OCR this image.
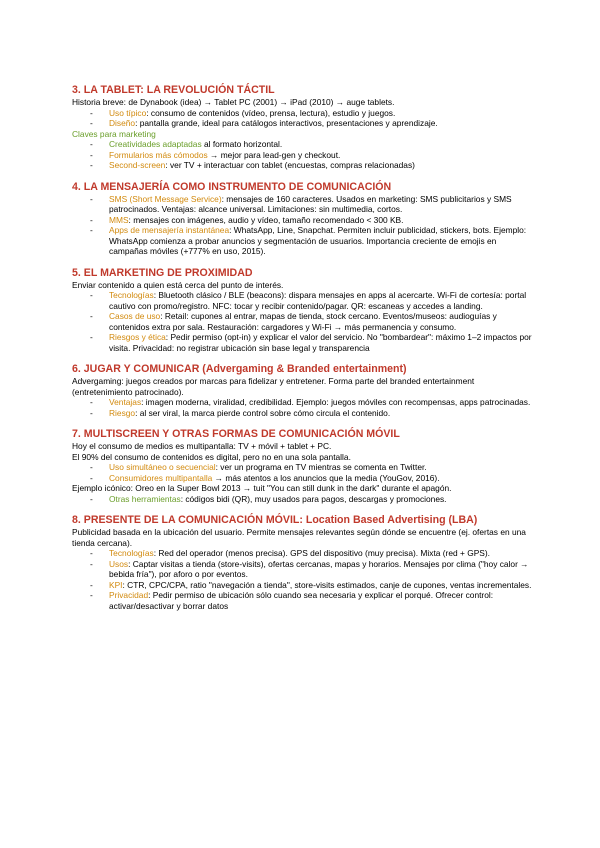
3. LA TABLET: LA REVOLUCIÓN TÁCTIL
Historia breve: de Dynabook (idea) → Tablet PC (2001) → iPad (2010) → auge tablets.
- Uso típico: consumo de contenidos (vídeo, prensa, lectura), estudio y juegos.
- Diseño: pantalla grande, ideal para catálogos interactivos, presentaciones y aprendizaje.
Claves para marketing
- Creatividades adaptadas al formato horizontal.
- Formularios más cómodos → mejor para lead-gen y checkout.
- Second-screen: ver TV + interactuar con tablet (encuestas, compras relacionadas)
4. LA MENSAJERÍA COMO INSTRUMENTO DE COMUNICACIÓN
- SMS (Short Message Service): mensajes de 160 caracteres. Usados en marketing: SMS publicitarios y SMS patrocinados. Ventajas: alcance universal. Limitaciones: sin multimedia, cortos.
- MMS: mensajes con imágenes, audio y vídeo, tamaño recomendado < 300 KB.
- Apps de mensajería instantánea: WhatsApp, Line, Snapchat. Permiten incluir publicidad, stickers, bots. Ejemplo: WhatsApp comienza a probar anuncios y segmentación de usuarios. Importancia creciente de emojis en campañas móviles (+777% en uso, 2015).
5. EL MARKETING DE PROXIMIDAD
Enviar contenido a quien está cerca del punto de interés.
- Tecnologías: Bluetooth clásico / BLE (beacons): dispara mensajes en apps al acercarte. Wi-Fi de cortesía: portal cautivo con promo/registro. NFC: tocar y recibir contenido/pagar. QR: escaneas y accedes a landing.
- Casos de uso: Retail: cupones al entrar, mapas de tienda, stock cercano. Eventos/museos: audioguías y contenidos extra por sala. Restauración: cargadores y Wi-Fi → más permanencia y consumo.
- Riesgos y ética: Pedir permiso (opt-in) y explicar el valor del servicio. No "bombardear": máximo 1–2 impactos por visita. Privacidad: no registrar ubicación sin base legal y transparencia
6. JUGAR Y COMUNICAR (Advergaming & Branded entertainment)
Advergaming: juegos creados por marcas para fidelizar y entretener. Forma parte del branded entertainment (entretenimiento patrocinado).
- Ventajas: imagen moderna, viralidad, credibilidad. Ejemplo: juegos móviles con recompensas, apps patrocinadas.
- Riesgo: al ser viral, la marca pierde control sobre cómo circula el contenido.
7. MULTISCREEN Y OTRAS FORMAS DE COMUNICACIÓN MÓVIL
Hoy el consumo de medios es multipantalla: TV + móvil + tablet + PC.
El 90% del consumo de contenidos es digital, pero no en una sola pantalla.
- Uso simultáneo o secuencial: ver un programa en TV mientras se comenta en Twitter.
- Consumidores multipantalla → más atentos a los anuncios que la media (YouGov, 2016).
Ejemplo icónico: Oreo en la Super Bowl 2013 → tuit "You can still dunk in the dark" durante el apagón.
- Otras herramientas: códigos bidi (QR), muy usados para pagos, descargas y promociones.
8. PRESENTE DE LA COMUNICACIÓN MÓVIL: Location Based Advertising (LBA)
Publicidad basada en la ubicación del usuario. Permite mensajes relevantes según dónde se encuentre (ej. ofertas en una tienda cercana).
- Tecnologías: Red del operador (menos precisa). GPS del dispositivo (muy precisa). Mixta (red + GPS).
- Usos: Captar visitas a tienda (store-visits), ofertas cercanas, mapas y horarios. Mensajes por clima ("hoy calor → bebida fría"), por aforo o por eventos.
- KPI: CTR, CPC/CPA, ratio "navegación a tienda", store-visits estimados, canje de cupones, ventas incrementales.
- Privacidad: Pedir permiso de ubicación sólo cuando sea necesaria y explicar el porqué. Ofrecer control: activar/desactivar y borrar datos
